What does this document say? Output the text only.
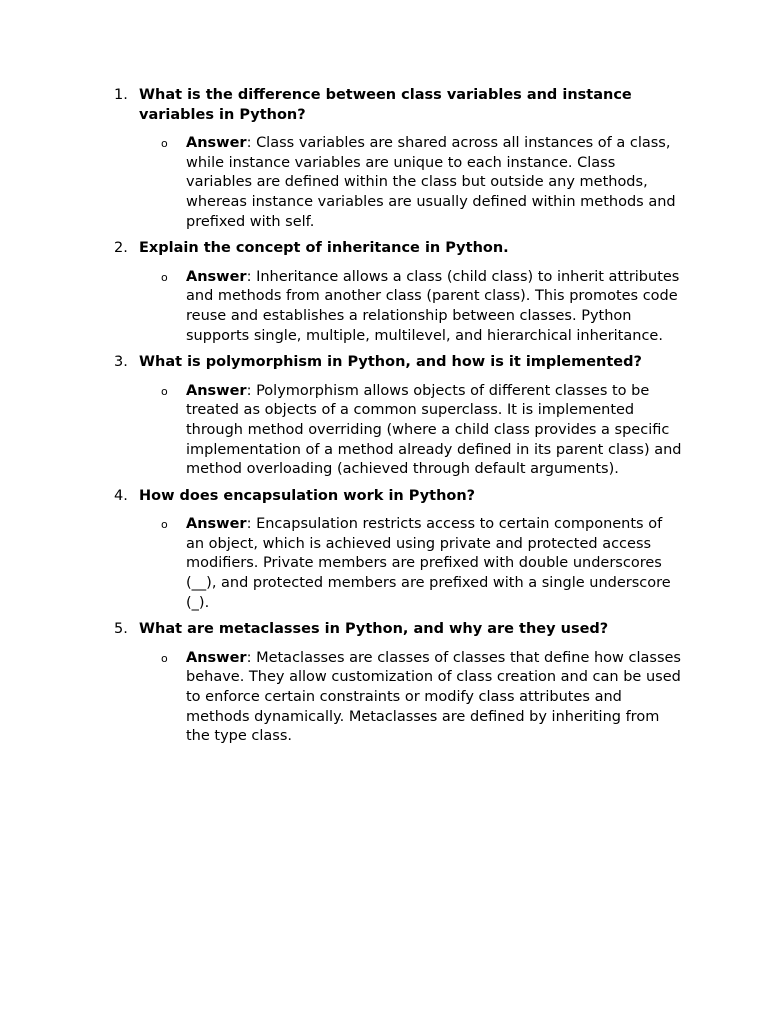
1. What is the difference between class variables and instance variables in Python?

o Answer: Class variables are shared across all instances of a class, while instance variables are unique to each instance. Class variables are defined within the class but outside any methods, whereas instance variables are usually defined within methods and prefixed with self.
2. Explain the concept of inheritance in Python.

o Answer: Inheritance allows a class (child class) to inherit attributes and methods from another class (parent class). This promotes code reuse and establishes a relationship between classes. Python supports single, multiple, multilevel, and hierarchical inheritance.
3. What is polymorphism in Python, and how is it implemented?

o Answer: Polymorphism allows objects of different classes to be treated as objects of a common superclass. It is implemented through method overriding (where a child class provides a specific implementation of a method already defined in its parent class) and method overloading (achieved through default arguments).
4. How does encapsulation work in Python?

o Answer: Encapsulation restricts access to certain components of an object, which is achieved using private and protected access modifiers. Private members are prefixed with double underscores (__), and protected members are prefixed with a single underscore (_).
5. What are metaclasses in Python, and why are they used?

o Answer: Metaclasses are classes of classes that define how classes behave. They allow customization of class creation and can be used to enforce certain constraints or modify class attributes and methods dynamically. Metaclasses are defined by inheriting from the type class.
